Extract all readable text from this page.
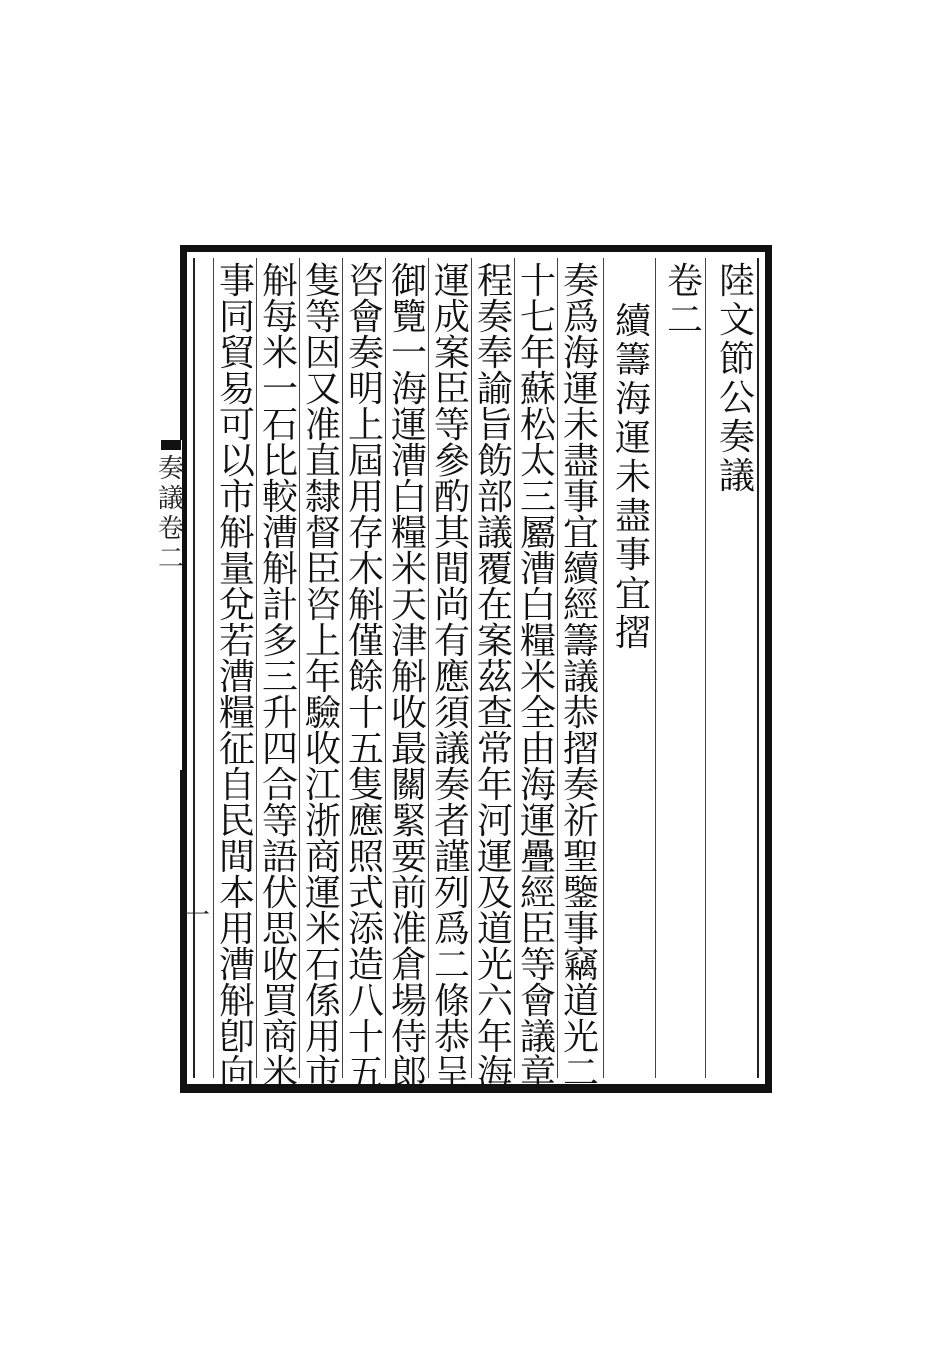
陸
文
節
公
奏
議
卷
二
續
籌
海
運
未
盡
事
宜
摺
奏
爲
海
運
未
盡
事
宜
續
經
籌
議
恭
摺
奏
祈
聖
鑒
事
竊
道
光
二
十
七
年
蘇
松
太
三
屬
漕
白
糧
米
全
由
海
運
疊
經
臣
等
會
議
章
程
奏
奉
諭
旨
飭
部
議
覆
在
案
茲
查
常
年
河
運
及
道
光
六
年
海
運
成
案
臣
等
參
酌
其
間
尚
有
應
須
議
奏
者
謹
列
爲
二
條
恭
呈
御
覽
一
海
運
漕
白
糧
米
天
津
斛
收
最
關
緊
要
前
准
倉
場
侍
郎
咨
會
奏
明
上
屆
用
存
木
斛
僅
餘
十
五
隻
應
照
式
添
造
八
十
五
隻
等
因
又
准
直
隸
督
臣
咨
上
年
驗
收
江
浙
商
運
米
石
係
用
市
斛
每
米
一
石
比
較
漕
斛
計
多
三
升
四
合
等
語
伏
思
收
買
商
米
事
同
貿
易
可
以
市
斛
量
兌
若
漕
糧
征
自
民
間
本
用
漕
斛
卽
向
奏
議
卷
二
一
